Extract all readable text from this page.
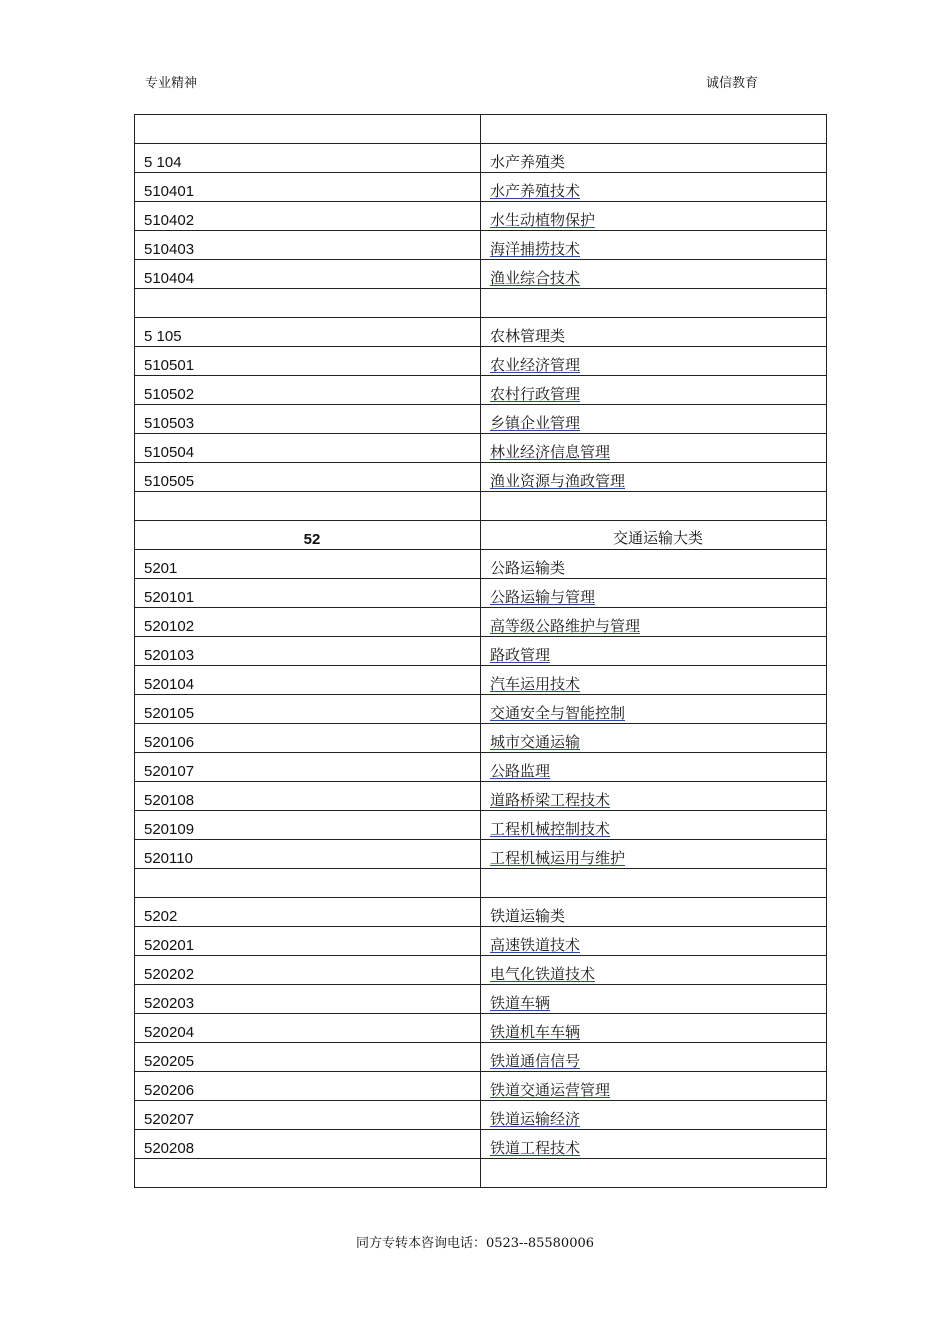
专业精神	诚信教育

5 104	水产养殖类
510401	水产养殖技术
510402	水生动植物保护
510403	海洋捕捞技术
510404	渔业综合技术

5 105	农林管理类
510501	农业经济管理
510502	农村行政管理
510503	乡镇企业管理
510504	林业经济信息管理
510505	渔业资源与渔政管理

52	交通运输大类

5201	公路运输类
520101	公路运输与管理
520102	高等级公路维护与管理
520103	路政管理
520104	汽车运用技术
520105	交通安全与智能控制
520106	城市交通运输
520107	公路监理
520108	道路桥梁工程技术
520109	工程机械控制技术
520110	工程机械运用与维护

5202	铁道运输类
520201	高速铁道技术
520202	电气化铁道技术
520203	铁道车辆
520204	铁道机车车辆
520205	铁道通信信号
520206	铁道交通运营管理
520207	铁道运输经济
520208	铁道工程技术

同方专转本咨询电话：0523--85580006
